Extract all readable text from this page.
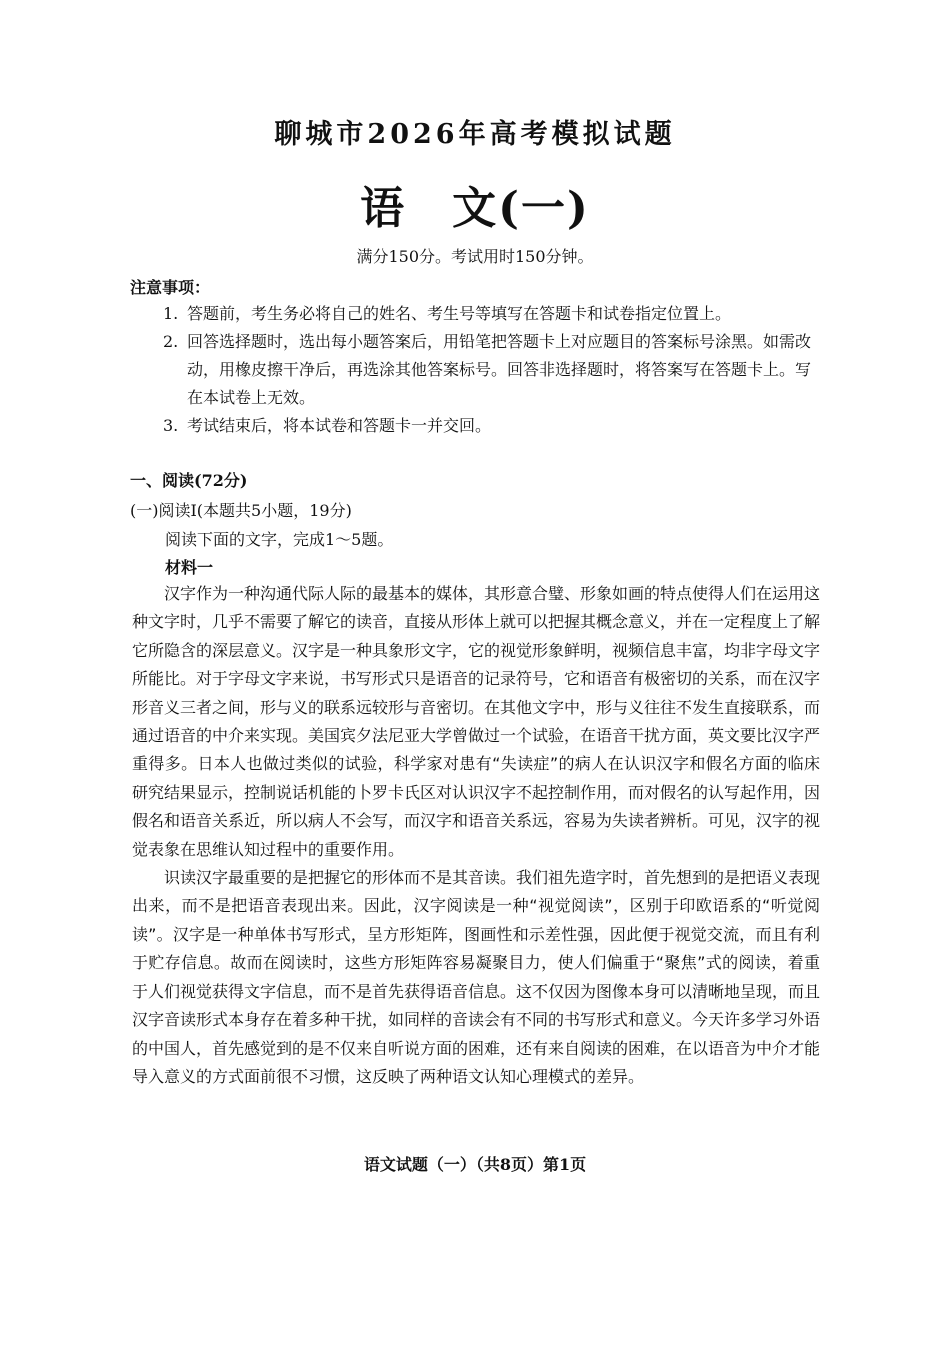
聊城市2026年高考模拟试题
语　文(一)
满分150分。考试用时150分钟。
注意事项：
1. 答题前，考生务必将自己的姓名、考生号等填写在答题卡和试卷指定位置上。
2. 回答选择题时，选出每小题答案后，用铅笔把答题卡上对应题目的答案标号涂黑。如需改动，用橡皮擦干净后，再选涂其他答案标号。回答非选择题时，将答案写在答题卡上。写在本试卷上无效。
3. 考试结束后，将本试卷和答题卡一并交回。
一、阅读(72分)
(一)阅读Ⅰ(本题共5小题，19分)
阅读下面的文字，完成1～5题。
材料一

汉字作为一种沟通代际人际的最基本的媒体，其形意合璧、形象如画的特点使得人们在运用这种文字时，几乎不需要了解它的读音，直接从形体上就可以把握其概念意义，并在一定程度上了解它所隐含的深层意义。汉字是一种具象形文字，它的视觉形象鲜明，视频信息丰富，均非字母文字所能比。对于字母文字来说，书写形式只是语音的记录符号，它和语音有极密切的关系，而在汉字形音义三者之间，形与义的联系远较形与音密切。在其他文字中，形与义往往不发生直接联系，而通过语音的中介来实现。美国宾夕法尼亚大学曾做过一个试验，在语音干扰方面，英文要比汉字严重得多。日本人也做过类似的试验，科学家对患有“失读症”的病人在认识汉字和假名方面的临床研究结果显示，控制说话机能的卜罗卡氏区对认识汉字不起控制作用，而对假名的认写起作用，因假名和语音关系近，所以病人不会写，而汉字和语音关系远，容易为失读者辨析。可见，汉字的视觉表象在思维认知过程中的重要作用。

识读汉字最重要的是把握它的形体而不是其音读。我们祖先造字时，首先想到的是把语义表现出来，而不是把语音表现出来。因此，汉字阅读是一种“视觉阅读”，区别于印欧语系的“听觉阅读”。汉字是一种单体书写形式，呈方形矩阵，图画性和示差性强，因此便于视觉交流，而且有利于贮存信息。故而在阅读时，这些方形矩阵容易凝聚目力，使人们偏重于“聚焦”式的阅读，着重于人们视觉获得文字信息，而不是首先获得语音信息。这不仅因为图像本身可以清晰地呈现，而且汉字音读形式本身存在着多种干扰，如同样的音读会有不同的书写形式和意义。今天许多学习外语的中国人，首先感觉到的是不仅来自听说方面的困难，还有来自阅读的困难，在以语音为中介才能导入意义的方式面前很不习惯，这反映了两种语文认知心理模式的差异。

语文试题（一）（共8页）第1页
